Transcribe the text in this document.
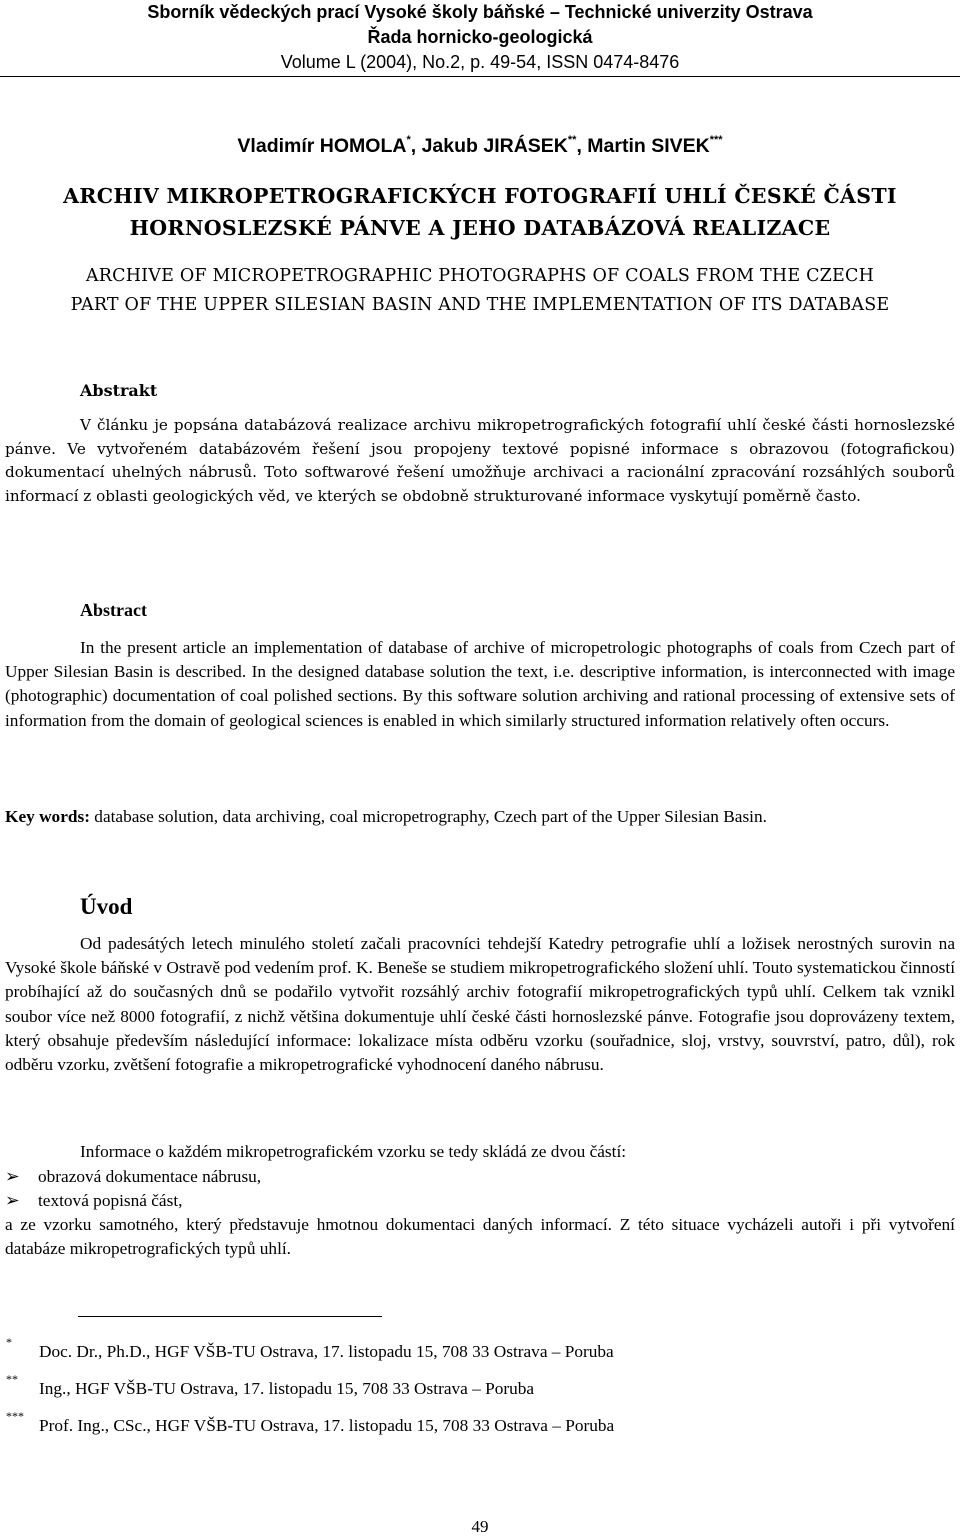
Sborník vědeckých prací Vysoké školy báňské – Technické univerzity Ostrava
Řada hornicko-geologická
Volume L (2004), No.2, p. 49-54, ISSN 0474-8476
Vladimír HOMOLA*, Jakub JIRÁSEK**, Martin SIVEK***
ARCHIV MIKROPETROGRAFICKÝCH FOTOGRAFIÍ UHLÍ ČESKÉ ČÁSTI
HORNOSLEZSKÉ PÁNVE A JEHO DATABÁZOVÁ REALIZACE
ARCHIVE OF MICROPETROGRAPHIC PHOTOGRAPHS OF COALS FROM THE CZECH
PART OF THE UPPER SILESIAN BASIN AND THE IMPLEMENTATION OF ITS DATABASE
Abstrakt
V článku je popsána databázová realizace archivu mikropetrografických fotografií uhlí české části hornoslezské pánve. Ve vytvořeném databázovém řešení jsou propojeny textové popisné informace s obrazovou (fotografickou) dokumentací uhelných nábrusů. Toto softwarové řešení umožňuje archivaci a racionální zpracování rozsáhlých souborů informací z oblasti geologických věd, ve kterých se obdobně strukturované informace vyskytují poměrně často.
Abstract
In the present article an implementation of database of archive of micropetrologic photographs of coals from Czech part of Upper Silesian Basin is described. In the designed database solution the text, i.e. descriptive information, is interconnected with image (photographic) documentation of coal polished sections. By this software solution archiving and rational processing of extensive sets of information from the domain of geological sciences is enabled in which similarly structured information relatively often occurs.
Key words: database solution, data archiving, coal micropetrography, Czech part of the Upper Silesian Basin.
Úvod

Od padesátých letech minulého století začali pracovníci tehdejší Katedry petrografie uhlí a ložisek nerostných surovin na Vysoké škole báňské v Ostravě pod vedením prof. K. Beneše se studiem mikropetrografického složení uhlí. Touto systematickou činností probíhající až do současných dnů se podařilo vytvořit rozsáhlý archiv fotografií mikropetrografických typů uhlí. Celkem tak vznikl soubor více než 8000 fotografií, z nichž většina dokumentuje uhlí české části hornoslezské pánve. Fotografie jsou doprovázeny textem, který obsahuje především následující informace: lokalizace místa odběru vzorku (souřadnice, sloj, vrstvy, souvrství, patro, důl), rok odběru vzorku, zvětšení fotografie a mikropetrografické vyhodnocení daného nábrusu.

Informace o každém mikropetrografickém vzorku se tedy skládá ze dvou částí:

➢ obrazová dokumentace nábrusu,
➢ textová popisná část,

a ze vzorku samotného, který představuje hmotnou dokumentaci daných informací. Z této situace vycházeli autoři i při vytvoření databáze mikropetrografických typů uhlí.

* Doc. Dr., Ph.D., HGF VŠB-TU Ostrava, 17. listopadu 15, 708 33 Ostrava – Poruba
** Ing., HGF VŠB-TU Ostrava, 17. listopadu 15, 708 33 Ostrava – Poruba
*** Prof. Ing., CSc., HGF VŠB-TU Ostrava, 17. listopadu 15, 708 33 Ostrava – Poruba
49
